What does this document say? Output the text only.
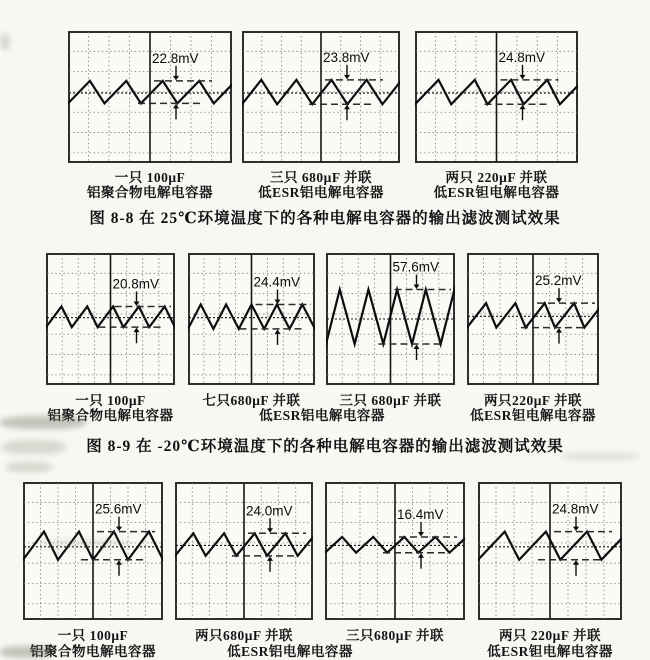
22.8mV
一只 100μF
铝聚合物电解电容器
23.8mV
三只 680μF 并联
低ESR铝电解电容器
24.8mV
两只 220μF 并联
低ESR钽电解电容器
图 8-8 在 25℃环境温度下的各种电解电容器的输出滤波测试效果
20.8mV
一只 100μF
铝聚合物电解电容器
24.4mV
七只680μF 并联
57.6mV
三只 680μF 并联
25.2mV
两只220μF 并联
低ESR钽电解电容器
低ESR铝电解电容器
图 8-9 在 -20℃环境温度下的各种电解电容器的输出滤波测试效果
25.6mV
一只 100μF
铝聚合物电解电容器
24.0mV
两只680μF 并联
16.4mV
三只680μF 并联
24.8mV
两只 220μF 并联
低ESR钽电解电容器
低ESR铝电解电容器
